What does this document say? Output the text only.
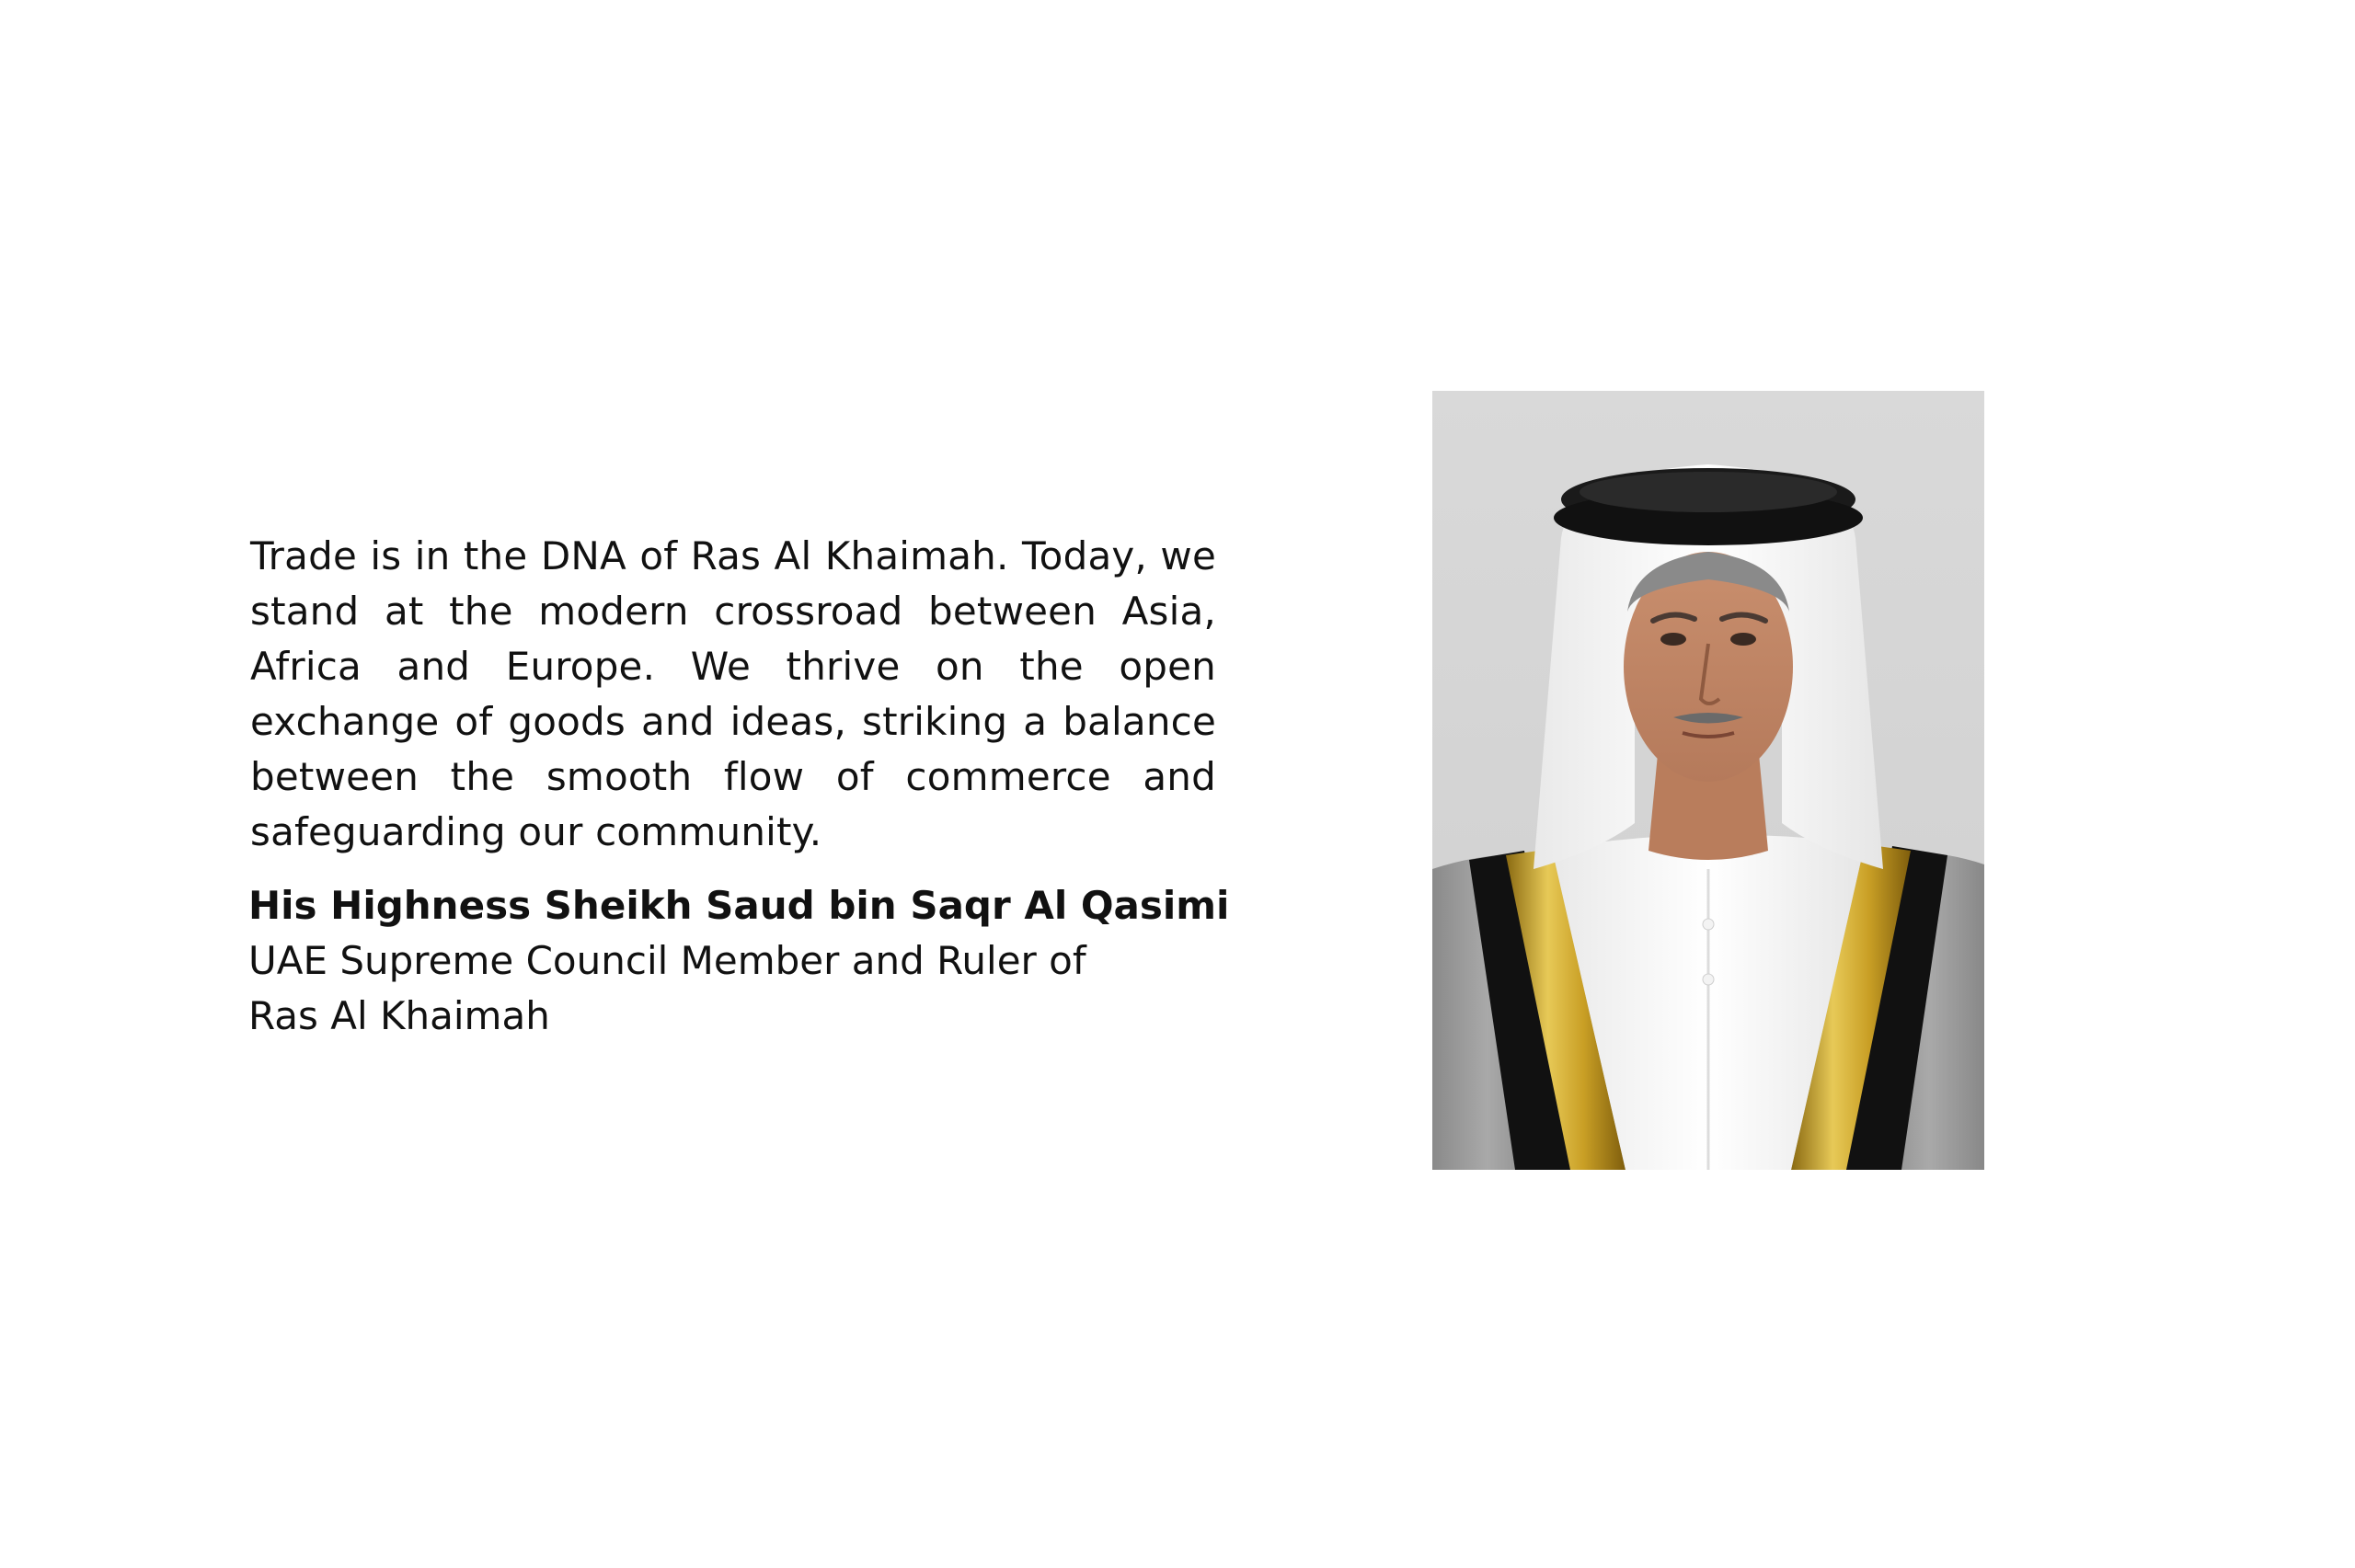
Trade is in the DNA of Ras Al Khaimah. Today, we stand at the modern crossroad between Asia, Africa and Europe. We thrive on the open exchange of goods and ideas, striking a balance between the smooth flow of commerce and safeguarding our community.

His Highness Sheikh Saud bin Saqr Al Qasimi
UAE Supreme Council Member and Ruler of
Ras Al Khaimah
